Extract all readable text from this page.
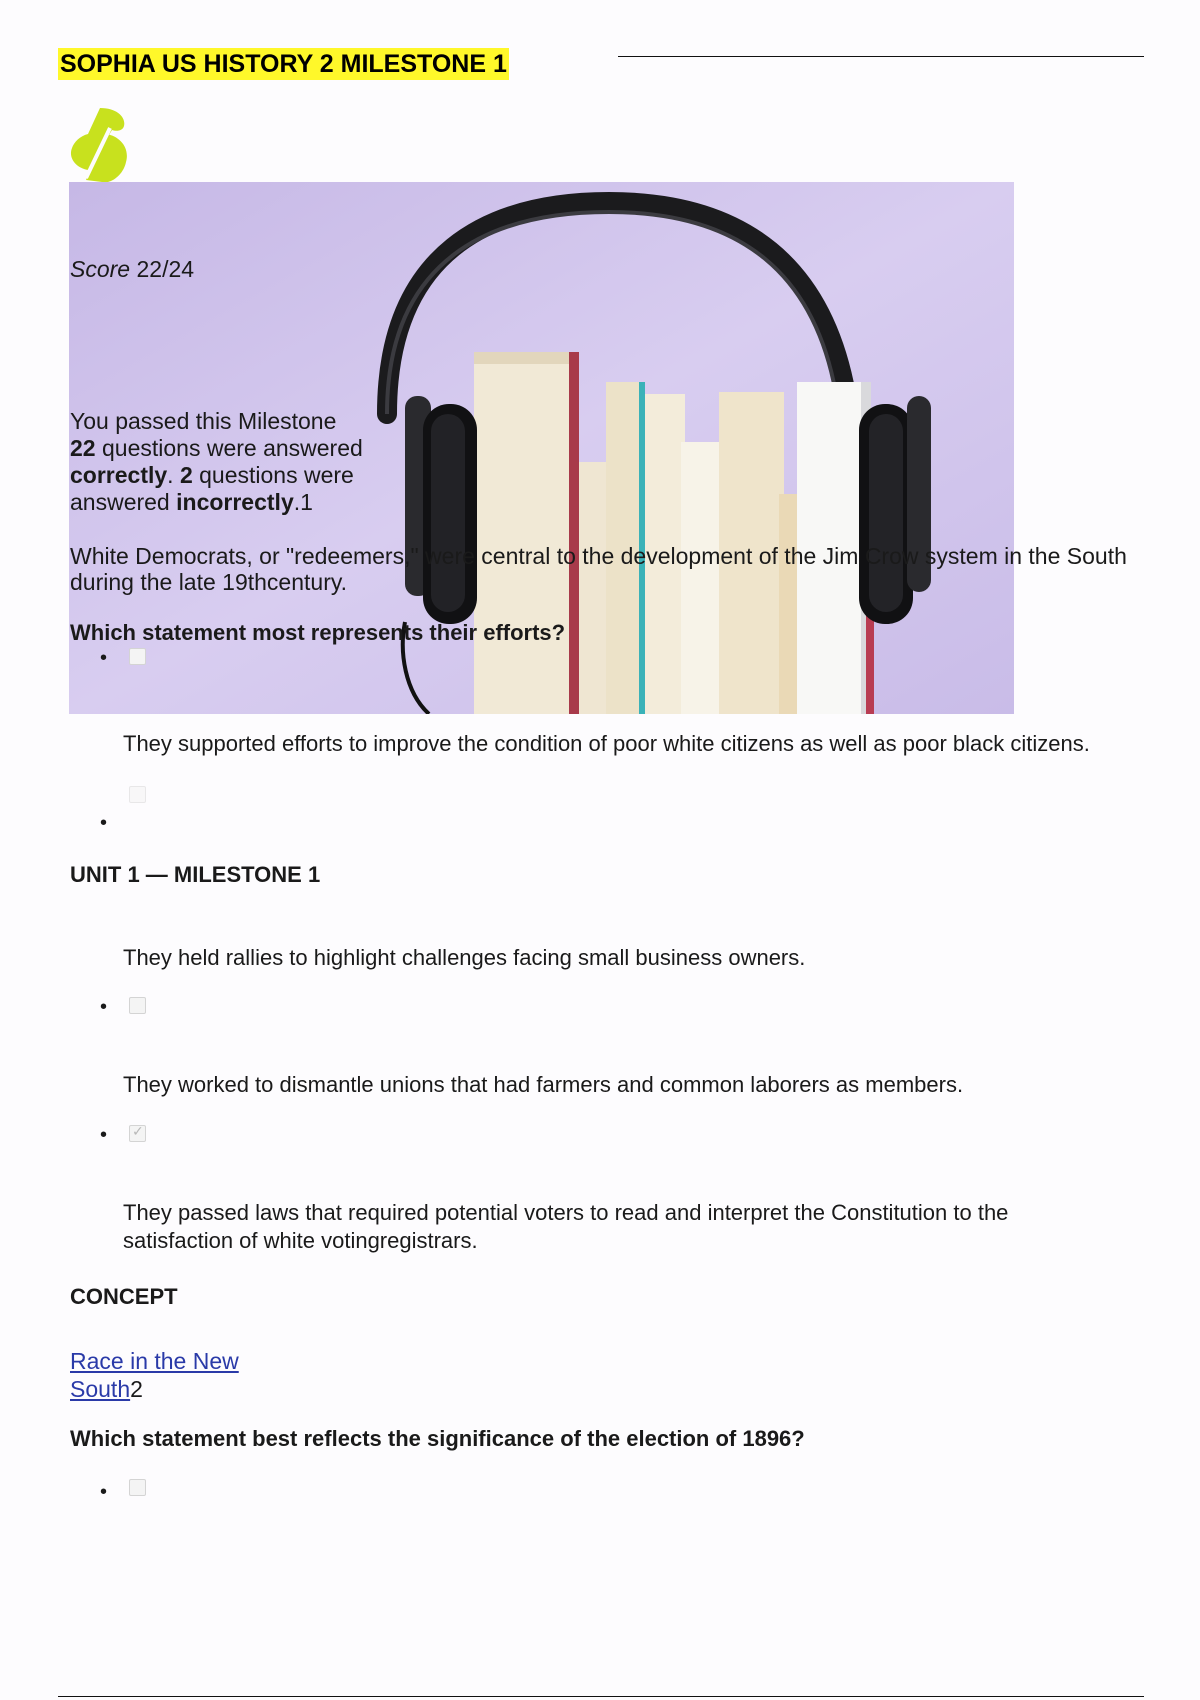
SOPHIA US HISTORY 2 MILESTONE 1
Score 22/24
You passed this Milestone
22 questions were answered correctly. 2 questions were answered incorrectly.1
White Democrats, or "redeemers," were central to the development of the Jim Crow system in the South during the late 19thcentury.
Which statement most represents their efforts?
•
They supported efforts to improve the condition of poor white citizens as well as poor black citizens.
•
UNIT 1 — MILESTONE 1
They held rallies to highlight challenges facing small business owners.
•
They worked to dismantle unions that had farmers and common laborers as members.
•
✓
They passed laws that required potential voters to read and interpret the Constitution to the satisfaction of white votingregistrars.
CONCEPT
Race in the New South2
Which statement best reflects the significance of the election of 1896?
•
